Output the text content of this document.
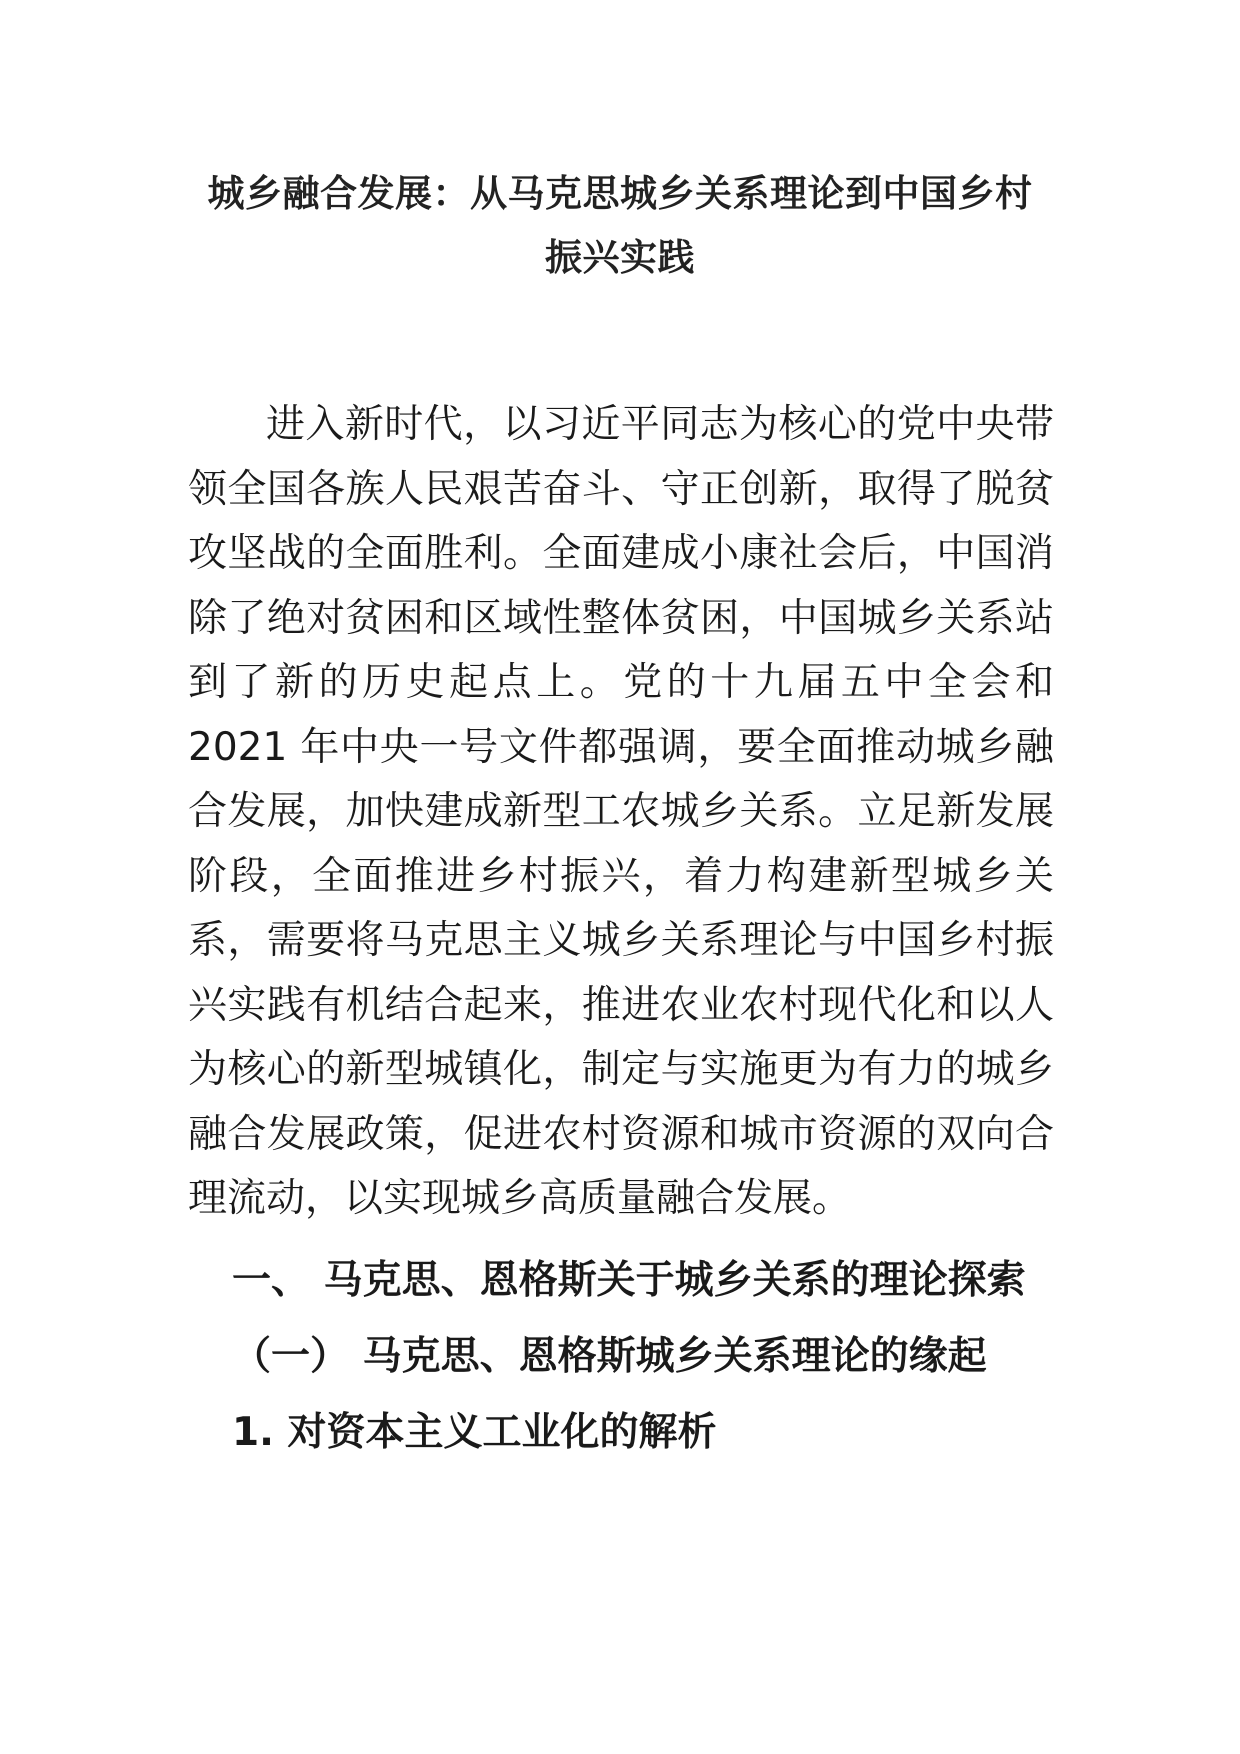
城乡融合发展：从马克思城乡关系理论到中国乡村振兴实践

进入新时代，以习近平同志为核心的党中央带领全国各族人民艰苦奋斗、守正创新，取得了脱贫攻坚战的全面胜利。全面建成小康社会后，中国消除了绝对贫困和区域性整体贫困，中国城乡关系站到了新的历史起点上。党的十九届五中全会和 2021 年中央一号文件都强调，要全面推动城乡融合发展，加快建成新型工农城乡关系。立足新发展阶段，全面推进乡村振兴，着力构建新型城乡关系，需要将马克思主义城乡关系理论与中国乡村振兴实践有机结合起来，推进农业农村现代化和以人为核心的新型城镇化，制定与实施更为有力的城乡融合发展政策，促进农村资源和城市资源的双向合理流动，以实现城乡高质量融合发展。

一、 马克思、恩格斯关于城乡关系的理论探索
（一） 马克思、恩格斯城乡关系理论的缘起
1. 对资本主义工业化的解析
